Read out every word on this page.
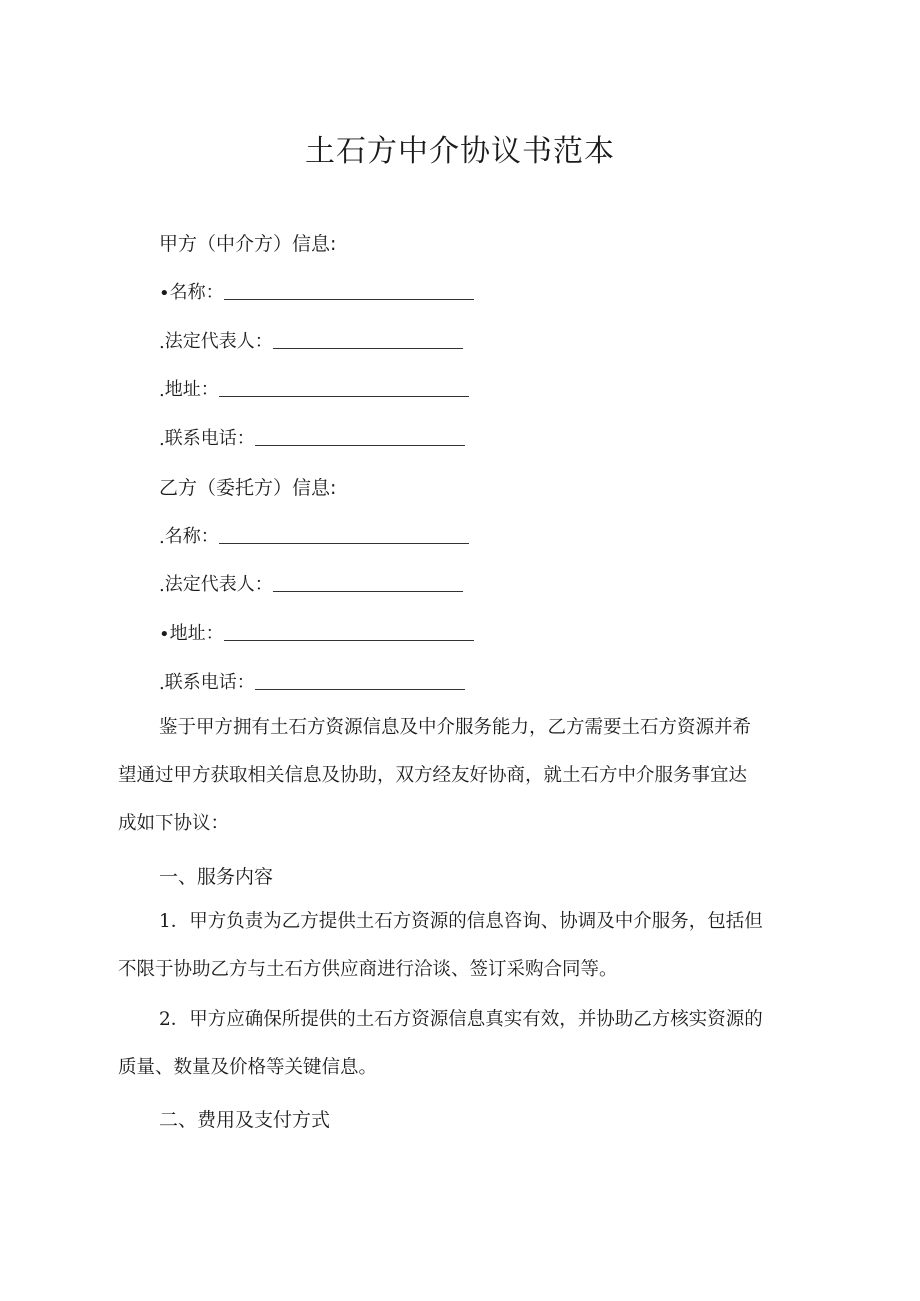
土石方中介协议书范本
甲方（中介方）信息:
• 名称：
. 法定代表人：
. 地址：
. 联系电话：
乙方（委托方）信息:
. 名称：
. 法定代表人：
• 地址：
. 联系电话：
鉴于甲方拥有土石方资源信息及中介服务能力，乙方需要土石方资源并希
望通过甲方获取相关信息及协助，双方经友好协商，就土石方中介服务事宜达
成如下协议：
一、服务内容
1．甲方负责为乙方提供土石方资源的信息咨询、协调及中介服务，包括但
不限于协助乙方与土石方供应商进行洽谈、签订采购合同等。
2．甲方应确保所提供的土石方资源信息真实有效，并协助乙方核实资源的
质量、数量及价格等关键信息。
二、费用及支付方式
